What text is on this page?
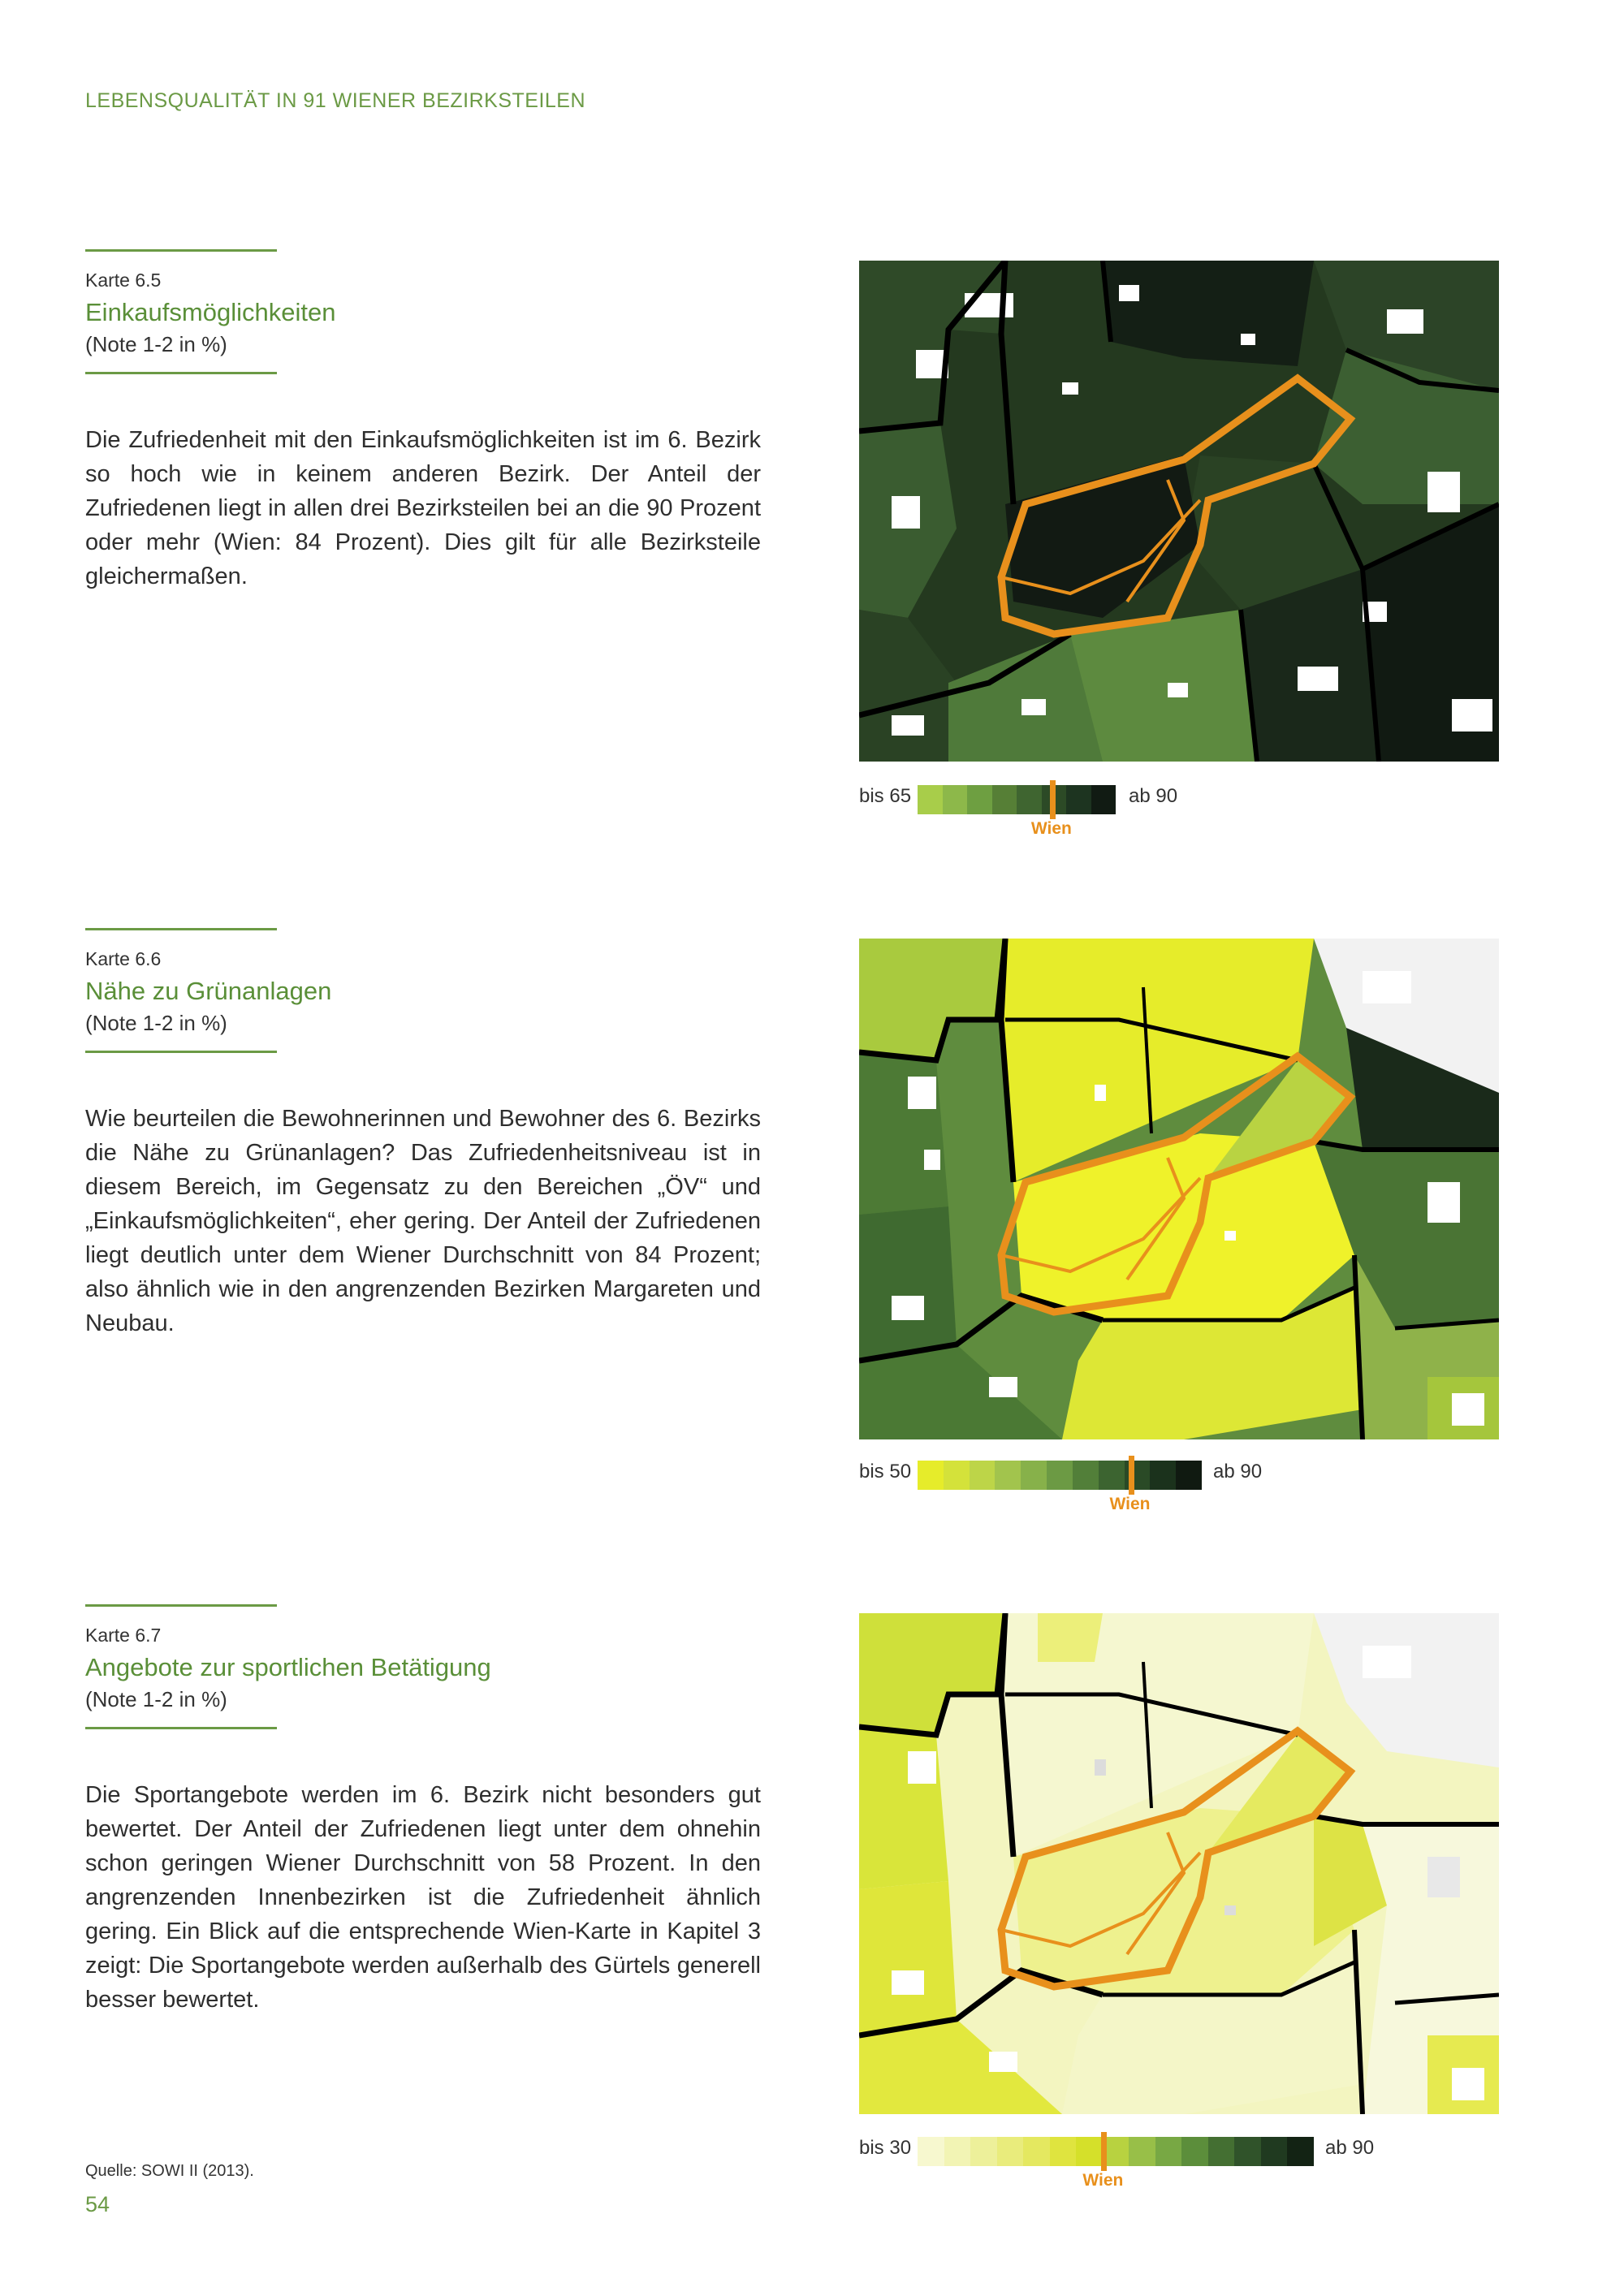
LEBENSQUALITÄT IN 91 WIENER BEZIRKSTEILEN
Karte 6.5
Einkaufsmöglichkeiten
(Note 1-2 in %)
Die Zufriedenheit mit den Einkaufsmöglichkeiten ist im 6. Bezirk so hoch wie in keinem anderen Bezirk. Der Anteil der Zufriedenen liegt in allen drei Bezirksteilen bei an die 90 Prozent oder mehr (Wien: 84 Prozent). Dies gilt für alle Bezirksteile gleichermaßen.
bis 65
Wien
ab 90
Karte 6.6
Nähe zu Grünanlagen
(Note 1-2 in %)
Wie beurteilen die Bewohnerinnen und Bewohner des 6. Bezirks die Nähe zu Grünanlagen? Das Zufriedenheitsniveau ist in diesem Bereich, im Gegensatz zu den Bereichen „ÖV“ und „Einkaufsmöglichkeiten“, eher gering. Der Anteil der Zufriedenen liegt deutlich unter dem Wiener Durchschnitt von 84 Prozent; also ähnlich wie in den angrenzenden Bezirken Margareten und Neubau.
bis 50
Wien
ab 90
Karte 6.7
Angebote zur sportlichen Betätigung
(Note 1-2 in %)
Die Sportangebote werden im 6. Bezirk nicht besonders gut bewertet. Der Anteil der Zufriedenen liegt unter dem ohnehin schon geringen Wiener Durchschnitt von 58 Prozent. In den angrenzenden Innenbezirken ist die Zufriedenheit ähnlich gering. Ein Blick auf die entsprechende Wien-Karte in Kapitel 3 zeigt: Die Sportangebote werden außerhalb des Gürtels generell besser bewertet.
bis 30
Wien
ab 90
Quelle: SOWI II (2013).
54
